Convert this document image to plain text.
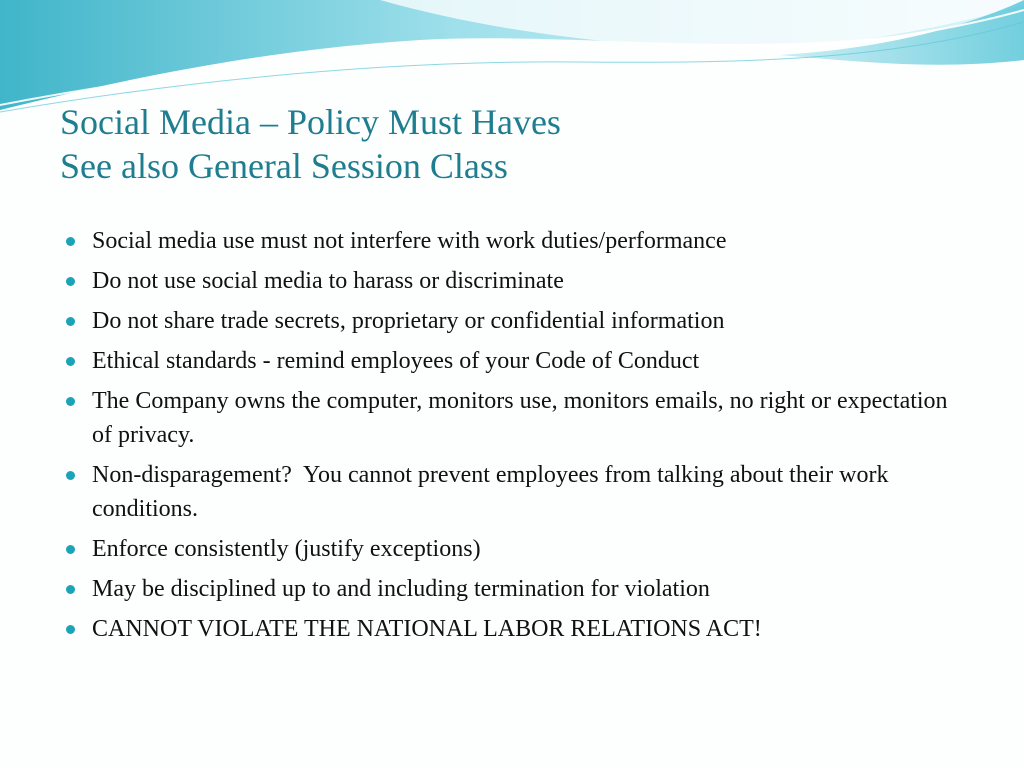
Social Media – Policy Must Haves
See also General Session Class
Social media use must not interfere with work duties/performance
Do not use social media to harass or discriminate
Do not share trade secrets, proprietary or confidential information
Ethical standards - remind employees of your Code of Conduct
The Company owns the computer, monitors use, monitors emails, no right or expectation of privacy.
Non-disparagement?  You cannot prevent employees from talking about their work conditions.
Enforce consistently (justify exceptions)
May be disciplined up to and including termination for violation
CANNOT VIOLATE THE NATIONAL LABOR RELATIONS ACT!
